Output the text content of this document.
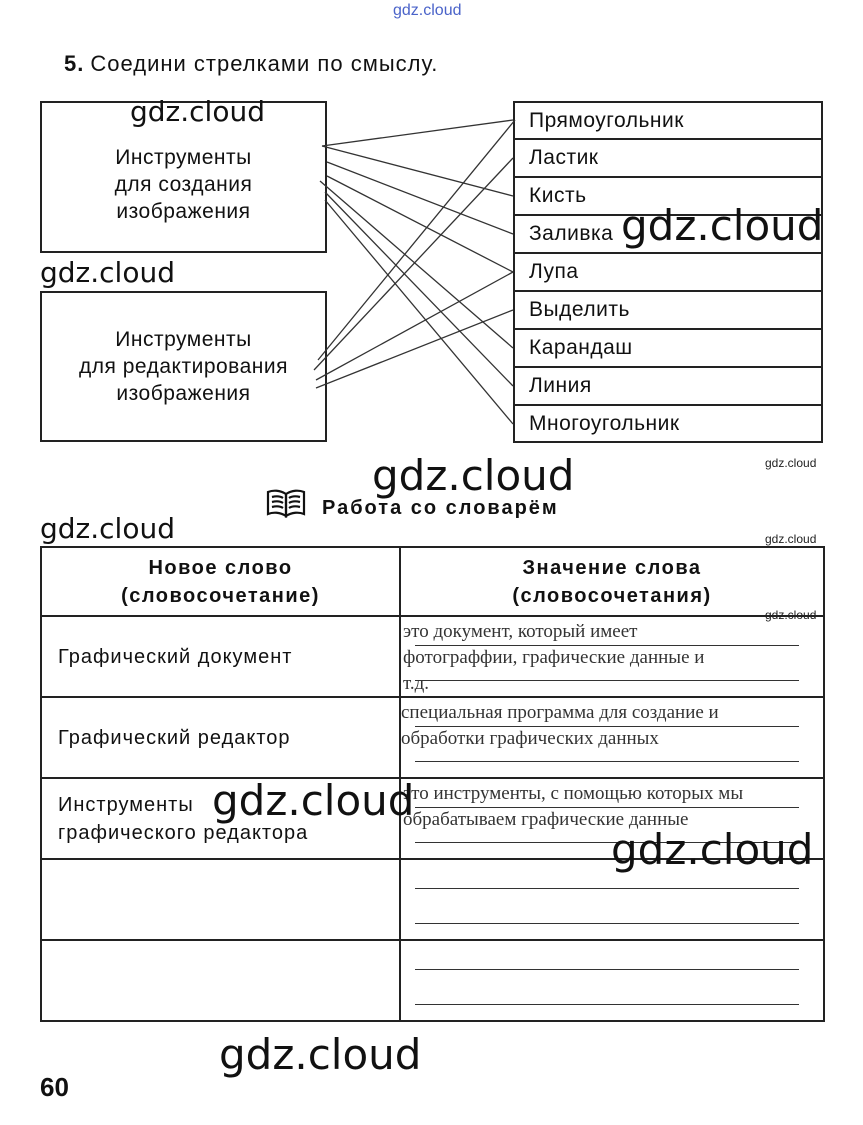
gdz.cloud
5. Соедини стрелками по смыслу.
Инструменты
для создания
изображения
Инструменты
для редактирования
изображения
Прямоугольник
Ластик
Кисть
Заливка
Лупа
Выделить
Карандаш
Линия
Многоугольник
gdz.cloud
gdz.cloud
gdz.cloud
gdz.cloud
gdz.cloud
gdz.cloud
gdz.cloud
gdz.cloud
Работа со словарём
Новое слово
(словосочетание)	Значение слова
(словосочетания)
Графический документ	это документ, который имеет
фотограффии, графические данные и
т.д.

Графический редактор	специальная программа для создание и
обработки графических данных

Инструменты
графического редактора	это инструменты, с помощью которых мы
обрабатываем графические данные

gdz.cloud
gdz.cloud
gdz.cloud
60
